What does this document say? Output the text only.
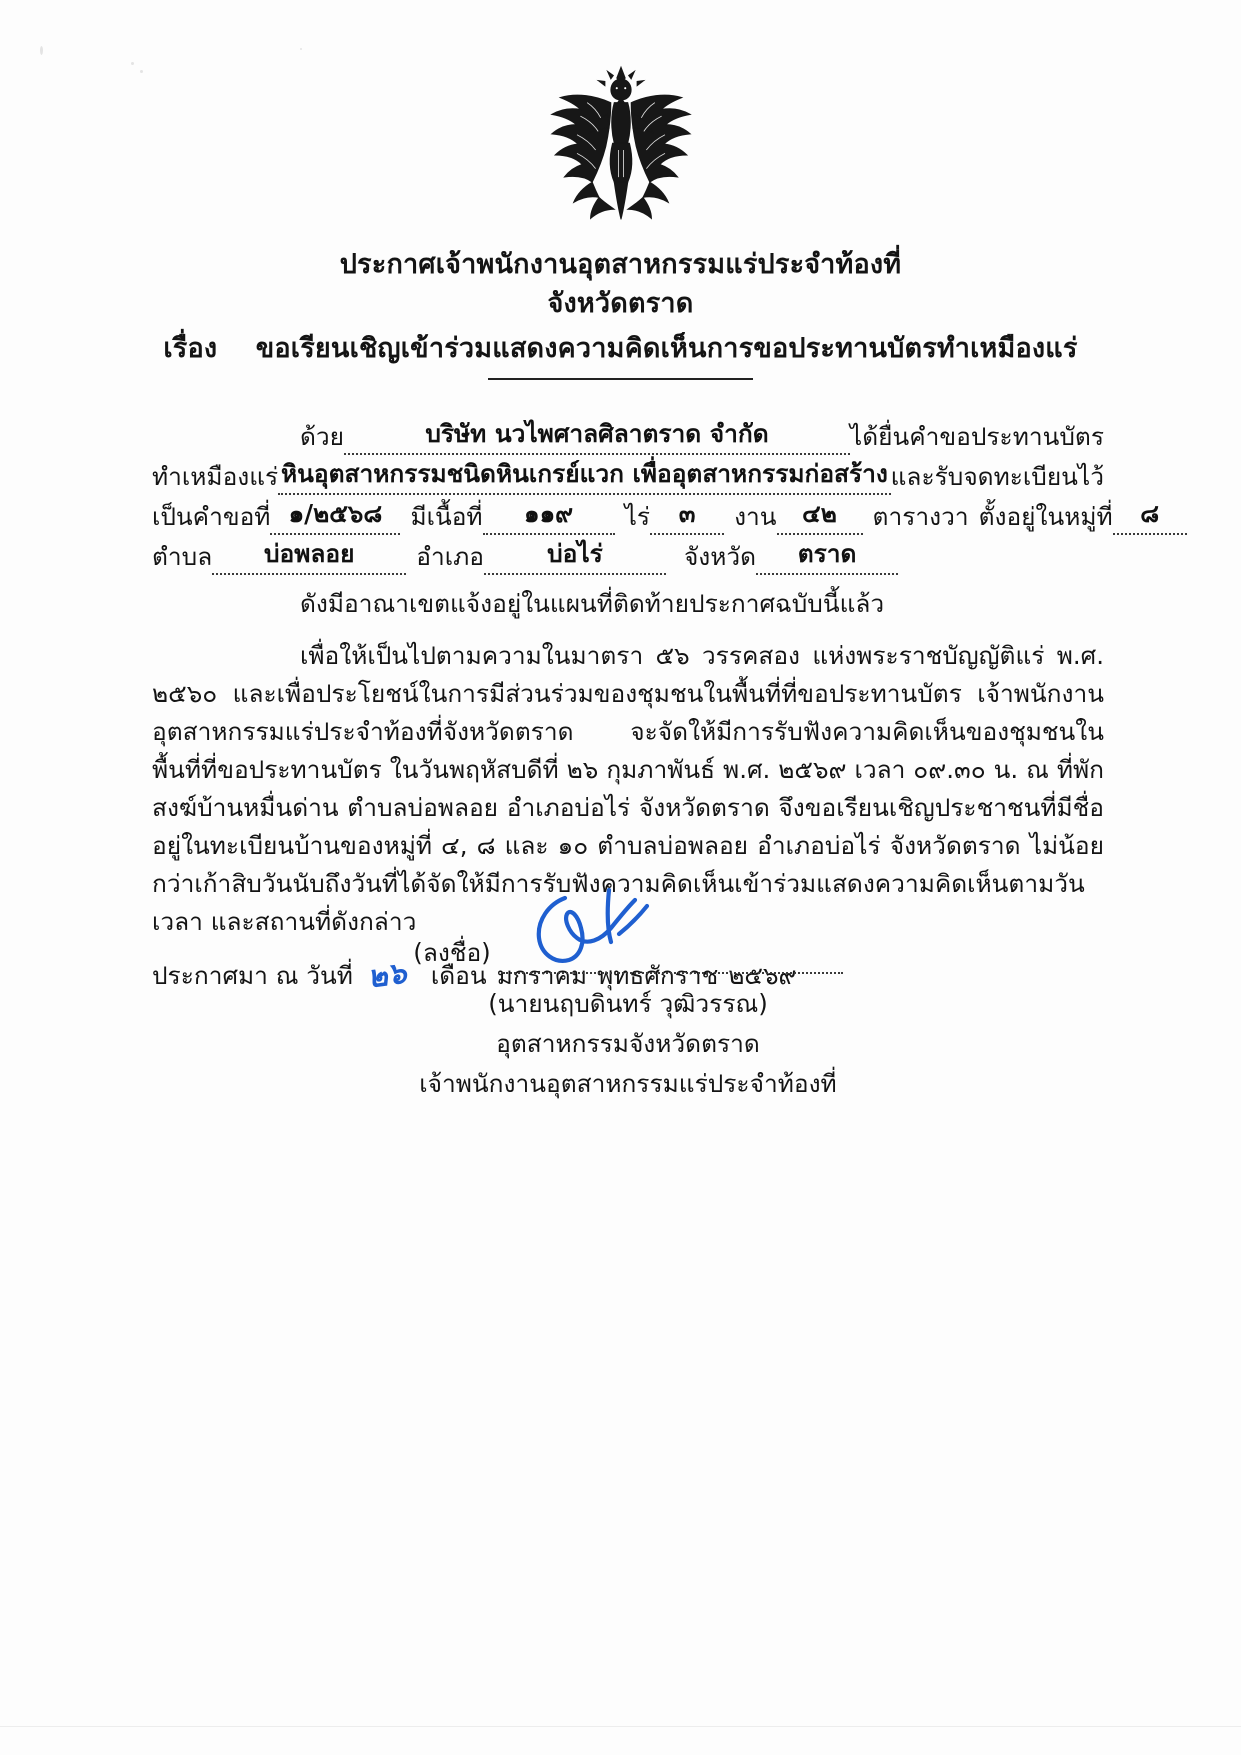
ประกาศเจ้าพนักงานอุตสาหกรรมแร่ประจำท้องที่
จังหวัดตราด
เรื่อง ขอเรียนเชิญเข้าร่วมแสดงความคิดเห็นการขอประทานบัตรทำเหมืองแร่
ด้วย	บริษัท นวไพศาลศิลาตราด จำกัด	ได้ยื่นคำขอประทานบัตร
ทำเหมืองแร่ หินอุตสาหกรรมชนิดหินเกรย์แวก เพื่ออุตสาหกรรมก่อสร้าง และรับจดทะเบียนไว้
เป็นคำขอที่ ๑/๒๕๖๘	มีเนื้อที่	๑๑๙	ไร่	๓	งาน	๔๒	ตารางวา ตั้งอยู่ในหมู่ที่	๘
ตำบล	บ่อพลอย	อำเภอ	บ่อไร่	จังหวัด	ตราด
ดังมีอาณาเขตแจ้งอยู่ในแผนที่ติดท้ายประกาศฉบับนี้แล้ว
เพื่อให้เป็นไปตามความในมาตรา ๕๖ วรรคสอง แห่งพระราชบัญญัติแร่ พ.ศ. ๒๕๖๐ และเพื่อประโยชน์ในการมีส่วนร่วมของชุมชนในพื้นที่ที่ขอประทานบัตร เจ้าพนักงานอุตสาหกรรมแร่ประจำท้องที่จังหวัดตราด จะจัดให้มีการรับฟังความคิดเห็นของชุมชนในพื้นที่ที่ขอประทานบัตร ในวันพฤหัสบดีที่ ๒๖ กุมภาพันธ์ พ.ศ. ๒๕๖๙ เวลา ๐๙.๓๐ น. ณ ที่พักสงฆ์บ้านหมื่นด่าน ตำบลบ่อพลอย อำเภอบ่อไร่ จังหวัดตราด จึงขอเรียนเชิญประชาชนที่มีชื่ออยู่ในทะเบียนบ้านของหมู่ที่ ๔, ๘ และ ๑๐ ตำบลบ่อพลอย อำเภอบ่อไร่ จังหวัดตราด ไม่น้อยกว่าเก้าสิบวันนับถึงวันที่ได้จัดให้มีการรับฟังความคิดเห็นเข้าร่วมแสดงความคิดเห็นตามวัน เวลา และสถานที่ดังกล่าว
ประกาศมา ณ วันที่ ๒๖ เดือน มกราคม พุทธศักราช ๒๕๖๙
(ลงชื่อ)
(นายนฤบดินทร์ วุฒิวรรณ)
อุตสาหกรรมจังหวัดตราด
เจ้าพนักงานอุตสาหกรรมแร่ประจำท้องที่
